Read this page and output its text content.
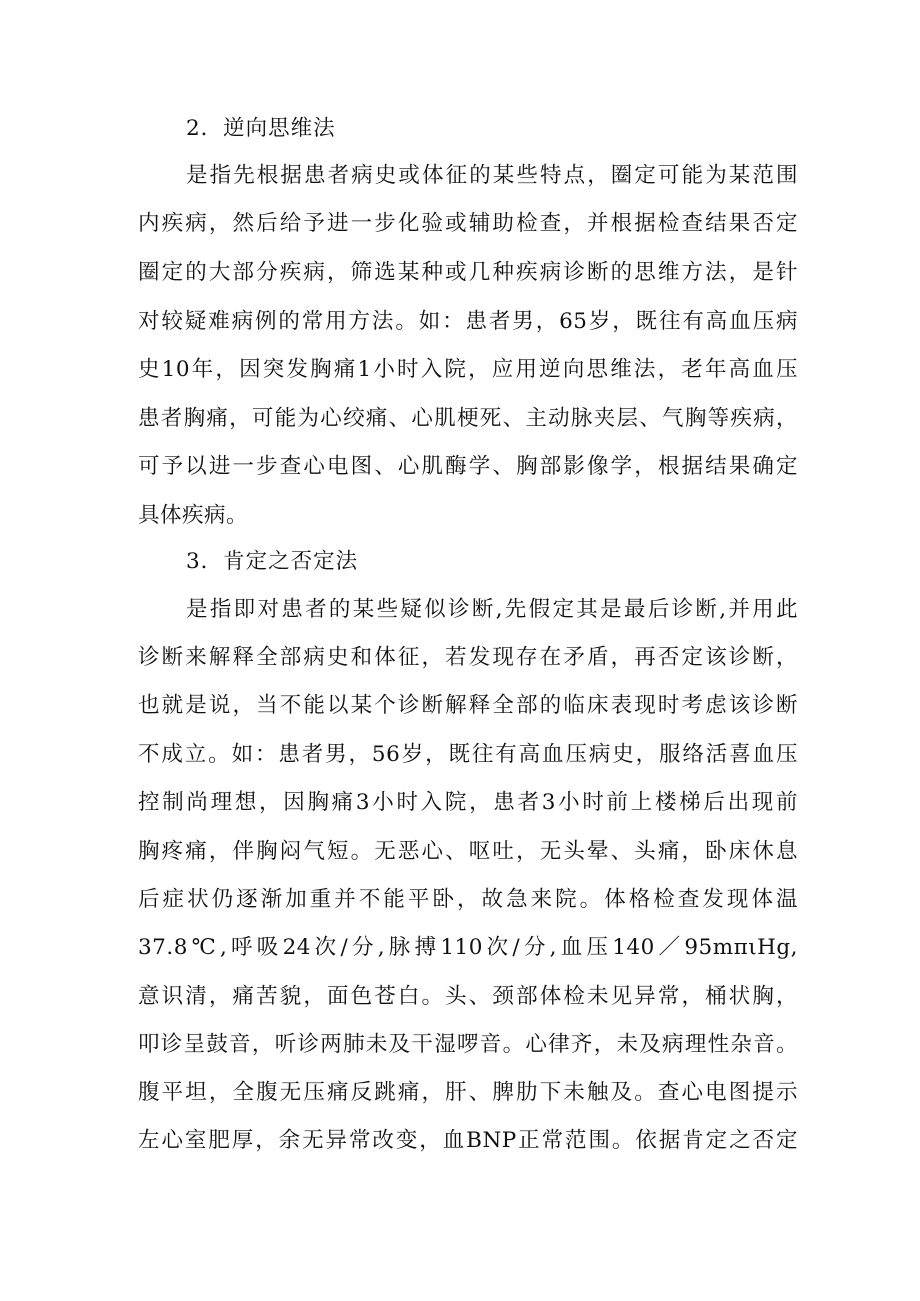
2．逆向思维法
是指先根据患者病史或体征的某些特点，圈定可能为某范围
内疾病，然后给予进一步化验或辅助检查，并根据检查结果否定
圈定的大部分疾病，筛选某种或几种疾病诊断的思维方法，是针
对较疑难病例的常用方法。如：患者男，65岁，既往有高血压病
史10年，因突发胸痛1小时入院，应用逆向思维法，老年高血压
患者胸痛，可能为心绞痛、心肌梗死、主动脉夹层、气胸等疾病，
可予以进一步查心电图、心肌酶学、胸部影像学，根据结果确定
具体疾病。
3．肯定之否定法
是指即对患者的某些疑似诊断,先假定其是最后诊断,并用此
诊断来解释全部病史和体征，若发现存在矛盾，再否定该诊断，
也就是说，当不能以某个诊断解释全部的临床表现时考虑该诊断
不成立。如：患者男，56岁，既往有高血压病史，服络活喜血压
控制尚理想，因胸痛3小时入院，患者3小时前上楼梯后出现前
胸疼痛，伴胸闷气短。无恶心、呕吐，无头晕、头痛，卧床休息
后症状仍逐渐加重并不能平卧，故急来院。体格检查发现体温
37.8℃,呼吸24次/分,脉搏110次/分,血压140／95mπιHg,
意识清，痛苦貌，面色苍白。头、颈部体检未见异常，桶状胸，
叩诊呈鼓音，听诊两肺未及干湿啰音。心律齐，未及病理性杂音。
腹平坦，全腹无压痛反跳痛，肝、脾肋下未触及。查心电图提示
左心室肥厚，余无异常改变，血BNP正常范围。依据肯定之否定
